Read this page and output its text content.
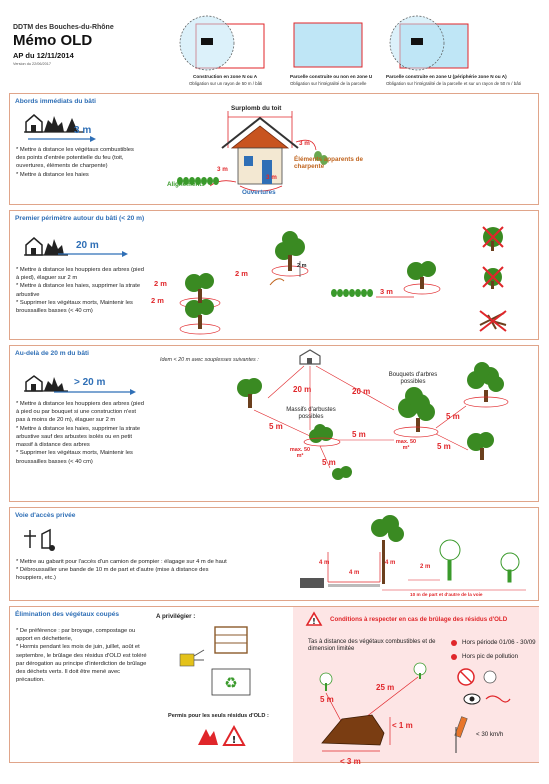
DDTM des Bouches-du-Rhône
Mémo OLD
AP du 12/11/2014
Version du 22/06/2017
Construction en zone N ou A
Obligation sur un rayon de 50 m / bâti
Parcelle construite ou non en zone U
Obligation sur l'intégralité de la parcelle
Parcelle construite en zone U (périphérie zone N ou A)
Obligation sur l'intégralité de la parcelle et sur un rayon de 50 m / bâti
Abords immédiats du bâti
3 m
* Mettre à distance les végétaux combustibles des points d'entrée potentielle du feu (toit, ouvertures, éléments de charpente)
* Mettre à distance les haies
Surplomb du toit
3 m
3 m
3 m
Alignements
Ouvertures
Éléments apparents de charpente
Premier périmètre autour du bâti (< 20 m)
20 m
* Mettre à distance les houppiers des arbres (pied à pied), élaguer sur 2 m
* Mettre à distance les haies, supprimer la strate arbustive
* Supprimer les végétaux morts, Maintenir les broussailles basses (< 40 cm)
2 m
2 m
2 m
2 m
3 m
Au-delà de 20 m du bâti
Idem < 20 m avec souplesses suivantes :
> 20 m
* Mettre à distance les houppiers des arbres (pied à pied ou par bouquet si une construction n'est pas à moins de 20 m), élaguer sur 2 m
* Mettre à distance les haies, supprimer la strate arbustive sauf des arbustes isolés ou en petit massif à distance des arbres
* Supprimer les végétaux morts, Maintenir les broussailles basses (< 40 cm)
20 m	20 m
5 m
5 m
5 m
5 m
5 m
Bouquets d'arbres possibles
Massifs d'arbustes possibles
max. 50 m²
max. 50 m²
Voie d'accès privée
* Mettre au gabarit pour l'accès d'un camion de pompier : élagage sur 4 m de haut
* Débroussailler une bande de 10 m de part et d'autre (mise à distance des houppiers, etc.)
4 m	4 m
4 m
2 m
10 m de part et d'autre de la voie
Élimination des végétaux coupés
* De préférence : par broyage, compostage ou apport en déchetterie,
* Hormis pendant les mois de juin, juillet, août et septembre, le brûlage des résidus d'OLD est toléré par dérogation au principe d'interdiction de brûlage des déchets verts. Il doit être mené avec précaution.
A privilégier :
♻
Permis pour les seuls résidus d'OLD :
!
! Conditions à respecter en cas de brûlage des résidus d'OLD
Tas à distance des végétaux combustibles et de dimension limitée
25 m
5 m
< 1 m
< 3 m
Hors période 01/06 - 30/09
Hors pic de pollution
< 30 km/h
